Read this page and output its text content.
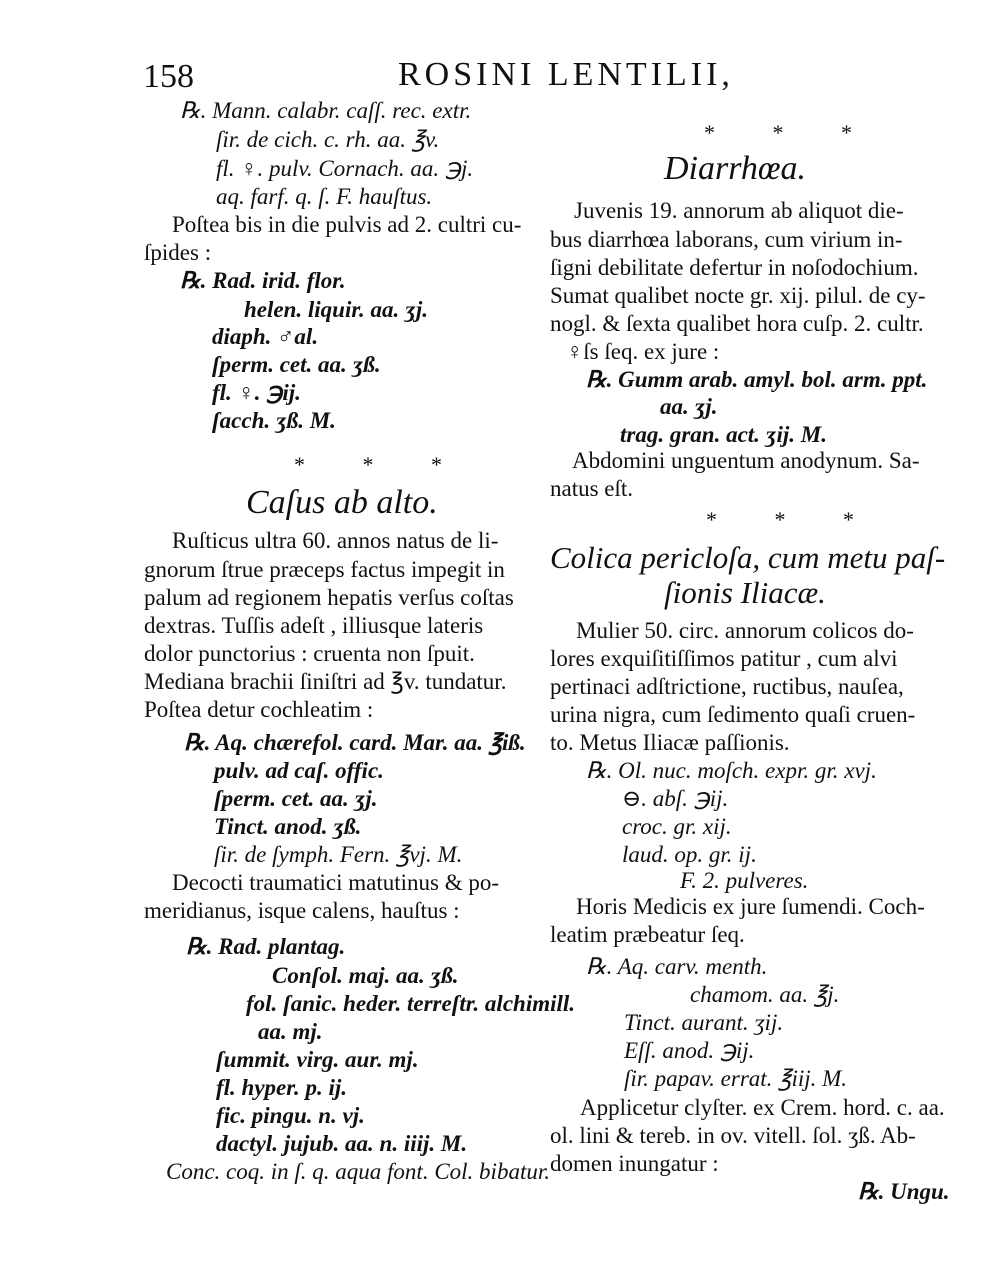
158	ROSINI LENTILII,
℞. Mann. calabr. caſſ. rec. extr.
ſir. de cich. c. rh. aa. ℥v.
fl. ♀. pulv. Cornach. aa. ℈j.
aq. farf. q. ſ. F. hauſtus.
Poſtea bis in die pulvis ad 2. cultri cu-
ſpides :
℞. Rad. irid. flor.
helen. liquir. aa. ʒj.
diaph. ♂al.
ſperm. cet. aa. ʒß.
fl. ♀. ℈ij.
ſacch. ʒß. M.
* * *
Caſus ab alto.
Ruſticus ultra 60. annos natus de li-
gnorum ſtrue præceps factus impegit in
palum ad regionem hepatis verſus coſtas
dextras. Tuſſis adeſt , illiusque lateris
dolor punctorius : cruenta non ſpuit.
Mediana brachii ſiniſtri ad ℥v. tundatur.
Poſtea detur cochleatim :
℞. Aq. chærefol. card. Mar. aa. ℥iß.
pulv. ad caſ. offic.
ſperm. cet. aa. ʒj.
Tinct. anod. ʒß.
ſir. de ſymph. Fern. ℥vj. M.
Decocti traumatici matutinus & po-
meridianus, isque calens, hauſtus :
℞. Rad. plantag.
Conſol. maj. aa. ʒß.
fol. ſanic. heder. terreſtr. alchimill.
aa. mj.
ſummit. virg. aur. mj.
fl. hyper. p. ij.
fic. pingu. n. vj.
dactyl. jujub. aa. n. iiij. M.
Conc. coq. in ſ. q. aqua font. Col. bibatur.
* * *
Diarrhœa.
Juvenis 19. annorum ab aliquot die-
bus diarrhœa laborans, cum virium in-
ſigni debilitate defertur in noſodochium.
Sumat qualibet nocte gr. xij. pilul. de cy-
nogl. & ſexta qualibet hora cuſp. 2. cultr.
♀ſs ſeq. ex jure :
℞. Gumm arab. amyl. bol. arm. ppt.
aa. ʒj.
trag. gran. act. ʒij. M.
Abdomini unguentum anodynum. Sa-
natus eſt.
* * *
Colica pericloſa, cum metu paſ-
ſionis Iliacæ.
Mulier 50. circ. annorum colicos do-
lores exquiſitiſſimos patitur , cum alvi
pertinaci adſtrictione, ructibus, nauſea,
urina nigra, cum ſedimento quaſi cruen-
to. Metus Iliacæ paſſionis.
℞. Ol. nuc. moſch. expr. gr. xvj.
⊖. abſ. ℈ij.
croc. gr. xij.
laud. op. gr. ij.
F. 2. pulveres.
Horis Medicis ex jure ſumendi. Coch-
leatim præbeatur ſeq.
℞. Aq. carv. menth.
chamom. aa. ℥j.
Tinct. aurant. ʒij.
Eſſ. anod. ℈ij.
ſir. papav. errat. ℥iij. M.
Applicetur clyſter. ex Crem. hord. c. aa.
ol. lini & tereb. in ov. vitell. ſol. ʒß. Ab-
domen inungatur :
℞. Ungu.
